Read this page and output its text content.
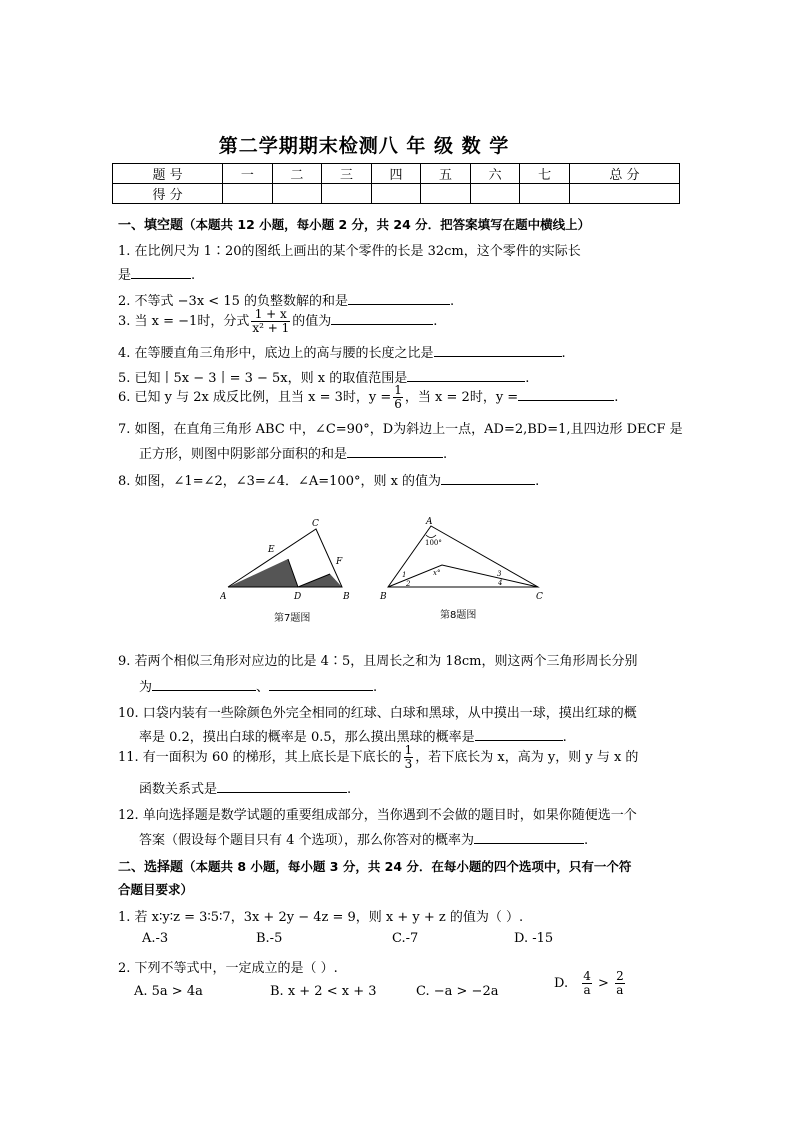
第二学期期末检测八 年 级 数 学
题 号	一	二	三	四	五	六	七	总 分
得 分								
一、填空题（本题共 12 小题，每小题 2 分，共 24 分．把答案填写在题中横线上）
1. 在比例尺为 1∶20的图纸上画出的某个零件的长是 32cm，这个零件的实际长
是	.
2. 不等式 −3x < 15 的负整数解的和是	.
3. 当 x = −1时，分式 $\frac{1 + x}{\text{x² + 1}}$ 的值为	.
4. 在等腰直角三角形中，底边上的高与腰的长度之比是	.
5. 已知丨5x − 3丨= 3 − 5x，则 x 的取值范围是	.
6. 已知 y 与 2x 成反比例，且当 x = 3时，$y = \frac{1}{6}$ ，当 x = 2时，y =	.
7. 如图，在直角三角形 ABC 中，∠C=90°，D为斜边上一点，AD=2,BD=1,且四边形 DECF 是
正方形，则图中阴影部分面积的和是	.
8. 如图，∠1=∠2，∠3=∠4．∠A=100°，则 x 的值为	.
A	D	B
C
E
F
A
B	C
100°
x°
1
2
3
4
第7题图	第8题图
9. 若两个相似三角形对应边的比是 4∶5，且周长之和为 18cm，则这两个三角形周长分别
为	、	.
10. 口袋内装有一些除颜色外完全相同的红球、白球和黑球，从中摸出一球，摸出红球的概
率是 0.2，摸出白球的概率是 0.5，那么摸出黑球的概率是	.
11. 有一面积为 60 的梯形，其上底长是下底长的 $\frac{1}{3}$ ，若下底长为 x，高为 y，则 y 与 x 的
函数关系式是	.
12. 单向选择题是数学试题的重要组成部分，当你遇到不会做的题目时，如果你随便选一个
答案（假设每个题目只有 4 个选项），那么你答对的概率为	.
二、选择题（本题共 8 小题，每小题 3 分，共 24 分．在每小题的四个选项中，只有一个符
合题目要求）
1. 若 x∶y∶z = 3∶5∶7，3x + 2y − 4z = 9，则 x + y + z 的值为（ ）.
A.-3	B.-5	C.-7	D. -15
2. 下列不等式中，一定成立的是（ ）.
A. 5a > 4a	B. x + 2 < x + 3	C. −a > −2a
D. $\frac{4}{a} > \frac{2}{a}$
